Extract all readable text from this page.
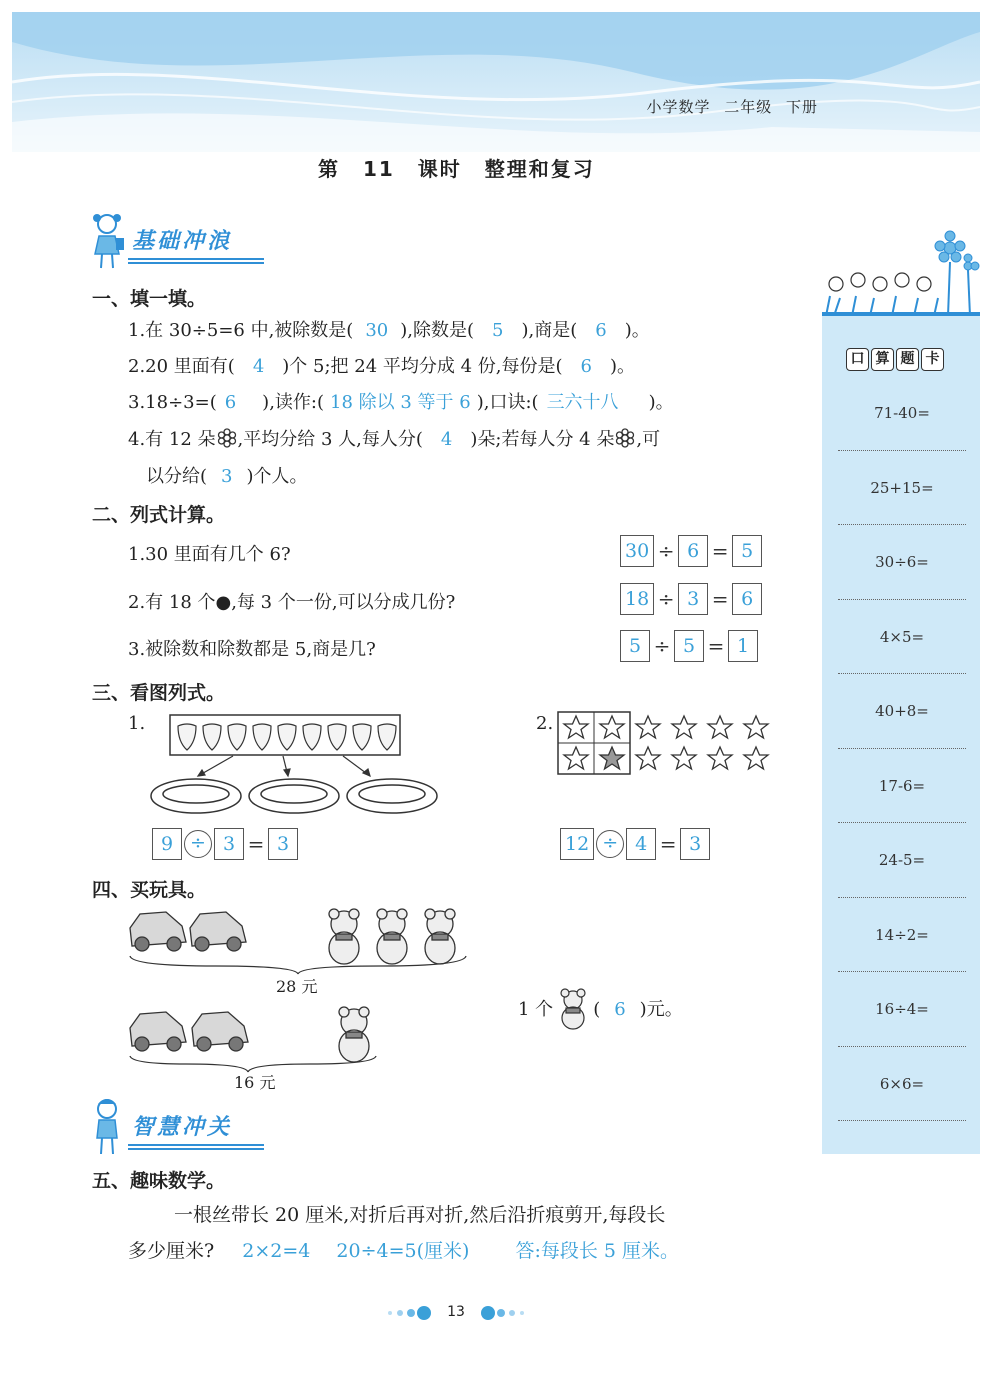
小学数学 二年级 下册
第 11 课时 整理和复习
基础冲浪
一、填一填。
1.在 30÷5=6 中,被除数是( 30 ),除数是( 5 ),商是( 6 )。
2.20 里面有( 4 )个 5;把 24 平均分成 4 份,每份是( 6 )。
3.18÷3=( 6 ),读作:( 18 除以 3 等于 6 ),口诀:( 三六十八 )。
4.有 12 朵 ,平均分给 3 人,每人分( 4 )朵;若每人分 4 朵 ,可
以分给( 3 )个人。
二、列式计算。
1.30 里面有几个 6?	30 ÷ 6 = 5
2.有 18 个●,每 3 个一份,可以分成几份?	18 ÷ 3 = 6
3.被除数和除数都是 5,商是几?	5 ÷ 5 = 1
三、看图列式。
1.
9 ÷ 3 = 3
2.
12 ÷ 4 = 3
四、买玩具。
28 元
16 元
1 个 ( 6 )元。
智慧冲关
五、趣味数学。
一根丝带长 20 厘米,对折后再对折,然后沿折痕剪开,每段长
多少厘米? 2×2=4 20÷4=5(厘米) 答:每段长 5 厘米。
口 算 题 卡
71-40=
25+15=
30÷6=
4×5=
40+8=
17-6=
24-5=
14÷2=
16÷4=
6×6=
13
